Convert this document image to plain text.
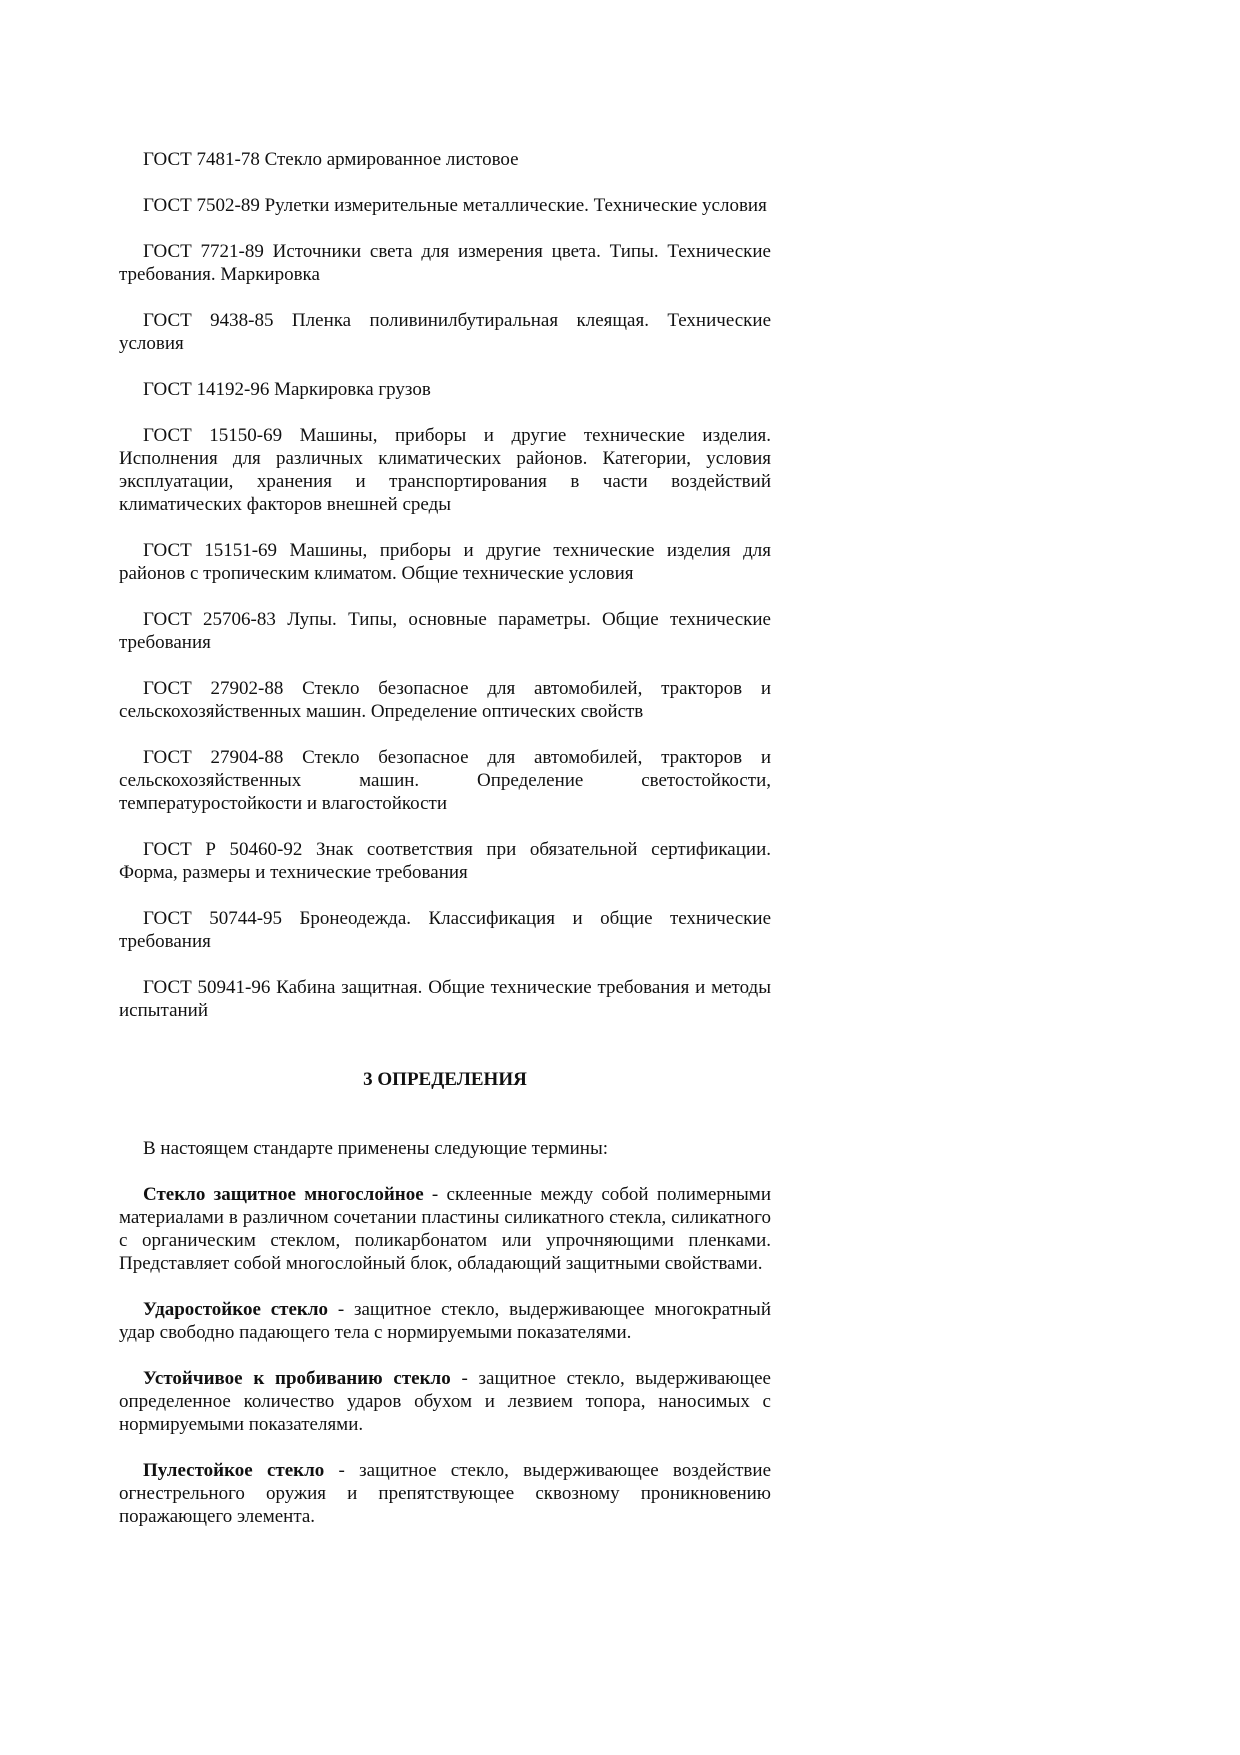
ГОСТ 7481-78 Стекло армированное листовое

ГОСТ 7502-89 Рулетки измерительные металлические. Технические условия

ГОСТ 7721-89 Источники света для измерения цвета. Типы. Технические требования. Маркировка

ГОСТ 9438-85 Пленка поливинилбутиральная клеящая. Технические условия

ГОСТ 14192-96 Маркировка грузов

ГОСТ 15150-69 Машины, приборы и другие технические изделия. Исполнения для различных климатических районов. Категории, условия эксплуатации, хранения и транспортирования в части воздействий климатических факторов внешней среды

ГОСТ 15151-69 Машины, приборы и другие технические изделия для районов с тропическим климатом. Общие технические условия

ГОСТ 25706-83 Лупы. Типы, основные параметры. Общие технические требования

ГОСТ 27902-88 Стекло безопасное для автомобилей, тракторов и сельскохозяйственных машин. Определение оптических свойств

ГОСТ 27904-88 Стекло безопасное для автомобилей, тракторов и сельскохозяйственных машин. Определение светостойкости, температуростойкости и влагостойкости

ГОСТ Р 50460-92 Знак соответствия при обязательной сертификации. Форма, размеры и технические требования

ГОСТ 50744-95 Бронеодежда. Классификация и общие технические требования

ГОСТ 50941-96 Кабина защитная. Общие технические требования и методы испытаний

3 ОПРЕДЕЛЕНИЯ

В настоящем стандарте применены следующие термины:

Стекло защитное многослойное - склеенные между собой полимерными материалами в различном сочетании пластины силикатного стекла, силикатного с органическим стеклом, поликарбонатом или упрочняющими пленками. Представляет собой многослойный блок, обладающий защитными свойствами.

Ударостойкое стекло - защитное стекло, выдерживающее многократный удар свободно падающего тела с нормируемыми показателями.

Устойчивое к пробиванию стекло - защитное стекло, выдерживающее определенное количество ударов обухом и лезвием топора, наносимых с нормируемыми показателями.

Пулестойкое стекло - защитное стекло, выдерживающее воздействие огнестрельного оружия и препятствующее сквозному проникновению поражающего элемента.
